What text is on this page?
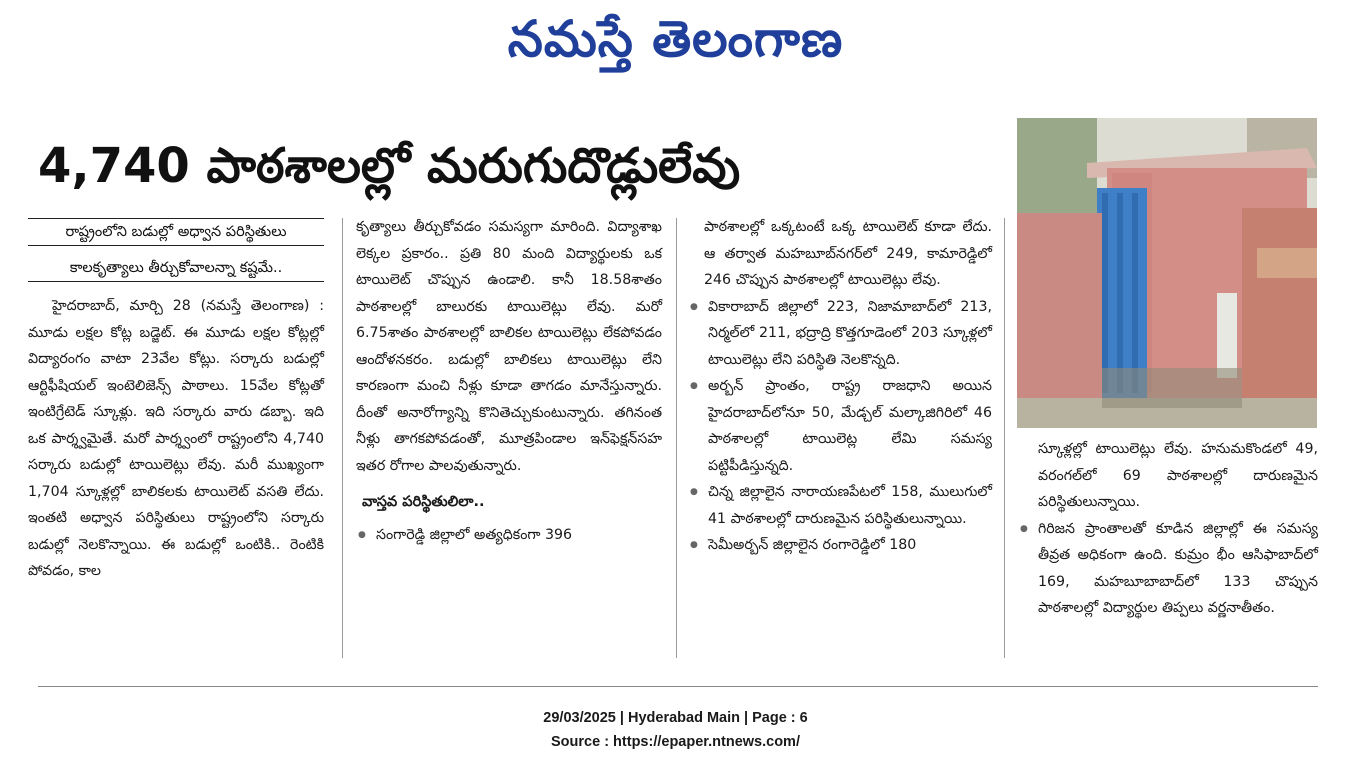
నమస్తే తెలంగాణ
4,740 పాఠశాలల్లో మరుగుదొడ్లులేవు
రాష్ట్రంలోని బడుల్లో అధ్వాన పరిస్థితులు
కాలకృత్యాలు తీర్చుకోవాలన్నా కష్టమే..

హైదరాబాద్, మార్చి 28 (నమస్తే తెలంగాణ) : మూడు లక్షల కోట్ల బడ్జెట్. ఈ మూడు లక్షల కోట్లల్లో విద్యారంగం వాటా 23వేల కోట్లు. సర్కారు బడుల్లో ఆర్టిఫీషియల్ ఇంటెలిజెన్స్ పాఠాలు. 15వేల కోట్లతో ఇంటిగ్రేటెడ్ స్కూళ్లు. ఇది సర్కారు వారు డబ్బా. ఇది ఒక పార్శ్వమైతే. మరో పార్శ్వంలో రాష్ట్రంలోని 4,740 సర్కారు బడుల్లో టాయిలెట్లు లేవు. మరీ ముఖ్యంగా 1,704 స్కూళ్లల్లో బాలికలకు టాయిలెట్ వసతి లేదు. ఇంతటి అధ్వాన పరిస్థితులు రాష్ట్రంలోని సర్కారు బడుల్లో నెలకొన్నాయి. ఈ బడుల్లో ఒంటికి.. రెంటికి పోవడం, కాల

కృత్యాలు తీర్చుకోవడం సమస్యగా మారింది. విద్యాశాఖ లెక్కల ప్రకారం.. ప్రతి 80 మంది విద్యార్థులకు ఒక టాయిలెట్ చొప్పున ఉండాలి. కానీ 18.58శాతం పాఠశాలల్లో బాలురకు టాయిలెట్లు లేవు. మరో 6.75శాతం పాఠశాలల్లో బాలికల టాయిలెట్లు లేకపోవడం ఆందోళనకరం. బడుల్లో బాలికలు టాయిలెట్లు లేని కారణంగా మంచి నీళ్లు కూడా తాగడం మానేస్తున్నారు. దీంతో అనారోగ్యాన్ని కొనితెచ్చుకుంటున్నారు. తగినంత నీళ్లు తాగకపోవడంతో, మూత్రపిండాల ఇన్‌ఫెక్షన్‌సహ ఇతర రోగాల పాలవుతున్నారు.

వాస్తవ పరిస్థితులిలా..

● సంగారెడ్డి జిల్లాలో అత్యధికంగా 396

పాఠశాలల్లో ఒక్కటంటే ఒక్క టాయిలెట్ కూడా లేదు. ఆ తర్వాత మహబూబ్‌నగర్‌లో 249, కామారెడ్డిలో 246 చొప్పున పాఠశాలల్లో టాయిలెట్లు లేవు.

● వికారాబాద్ జిల్లాలో 223, నిజామాబాద్‌లో 213, నిర్మల్‌లో 211, భద్రాద్రి కొత్తగూడెంలో 203 స్కూళ్లలో టాయిలెట్లు లేని పరిస్థితి నెలకొన్నది.

● అర్బన్ ప్రాంతం, రాష్ట్ర రాజధాని అయిన హైదరాబాద్‌లోనూ 50, మేడ్చల్ మల్కాజిగిరిలో 46 పాఠశాలల్లో టాయిలెట్ల లేమి సమస్య పట్టిపీడిస్తున్నది.

● చిన్న జిల్లాలైన నారాయణపేటలో 158, ములుగులో 41 పాఠశాలల్లో దారుణమైన పరిస్థితులున్నాయి.

● సెమీఅర్బన్ జిల్లాలైన రంగారెడ్డిలో 180

స్కూళ్లల్లో టాయిలెట్లు లేవు. హనుమకొండలో 49, వరంగల్‌లో 69 పాఠశాలల్లో దారుణమైన పరిస్థితులున్నాయి.

● గిరిజన ప్రాంతాలతో కూడిన జిల్లాల్లో ఈ సమస్య తీవ్రత అధికంగా ఉంది. కుమ్రం భీం ఆసిఫాబాద్‌లో 169, మహబూబాబాద్‌లో 133 చొప్పున పాఠశాలల్లో విద్యార్థుల తిప్పలు వర్ణనాతీతం.

29/03/2025 | Hyderabad Main | Page : 6
Source : https://epaper.ntnews.com/
